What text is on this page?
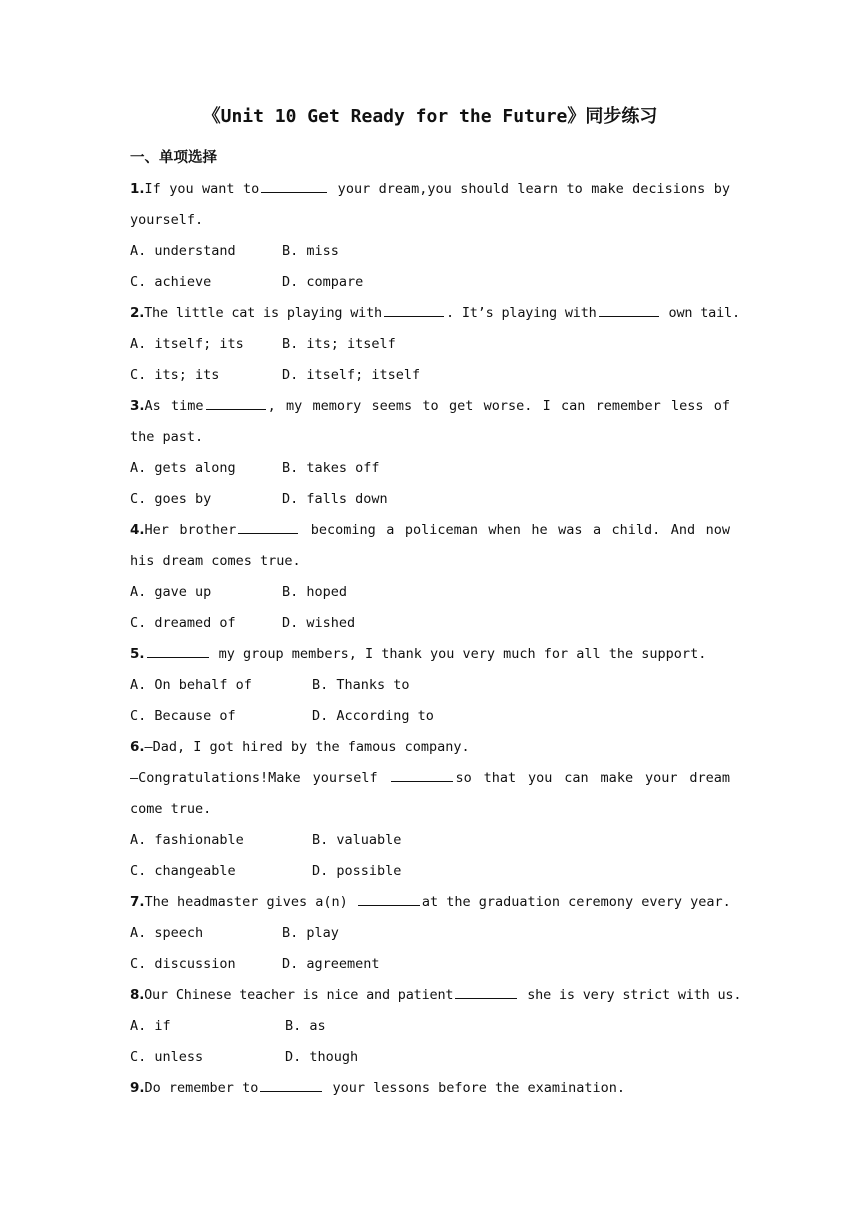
《Unit 10 Get Ready for the Future》同步练习
一、单项选择
1.If you want to	your dream,you should learn to make decisions by yourself.
A. understand	B. miss
C. achieve	D. compare
2.The little cat is playing with	. It’s playing with	own tail.
A. itself; its	B. its; itself
C. its; its	D. itself; itself
3.As time	, my memory seems to get worse. I can remember less of the past.
A. gets along	B. takes off
C. goes by	D. falls down
4.Her brother	becoming a policeman when he was a child. And now his dream comes true.
A. gave up	B. hoped
C. dreamed of	D. wished
5.	my group members, I thank you very much for all the support.
A. On behalf of	B. Thanks to
C. Because of	D. According to
6.—Dad, I got hired by the famous company.
—Congratulations!Make yourself	so that you can make your dream come true.
A. fashionable	B. valuable
C. changeable	D. possible
7.The headmaster gives a(n)	at the graduation ceremony every year.
A. speech	B. play
C. discussion	D. agreement
8.Our Chinese teacher is nice and patient	she is very strict with us.
A. if	B. as
C. unless	D. though
9.Do remember to	your lessons before the examination.
